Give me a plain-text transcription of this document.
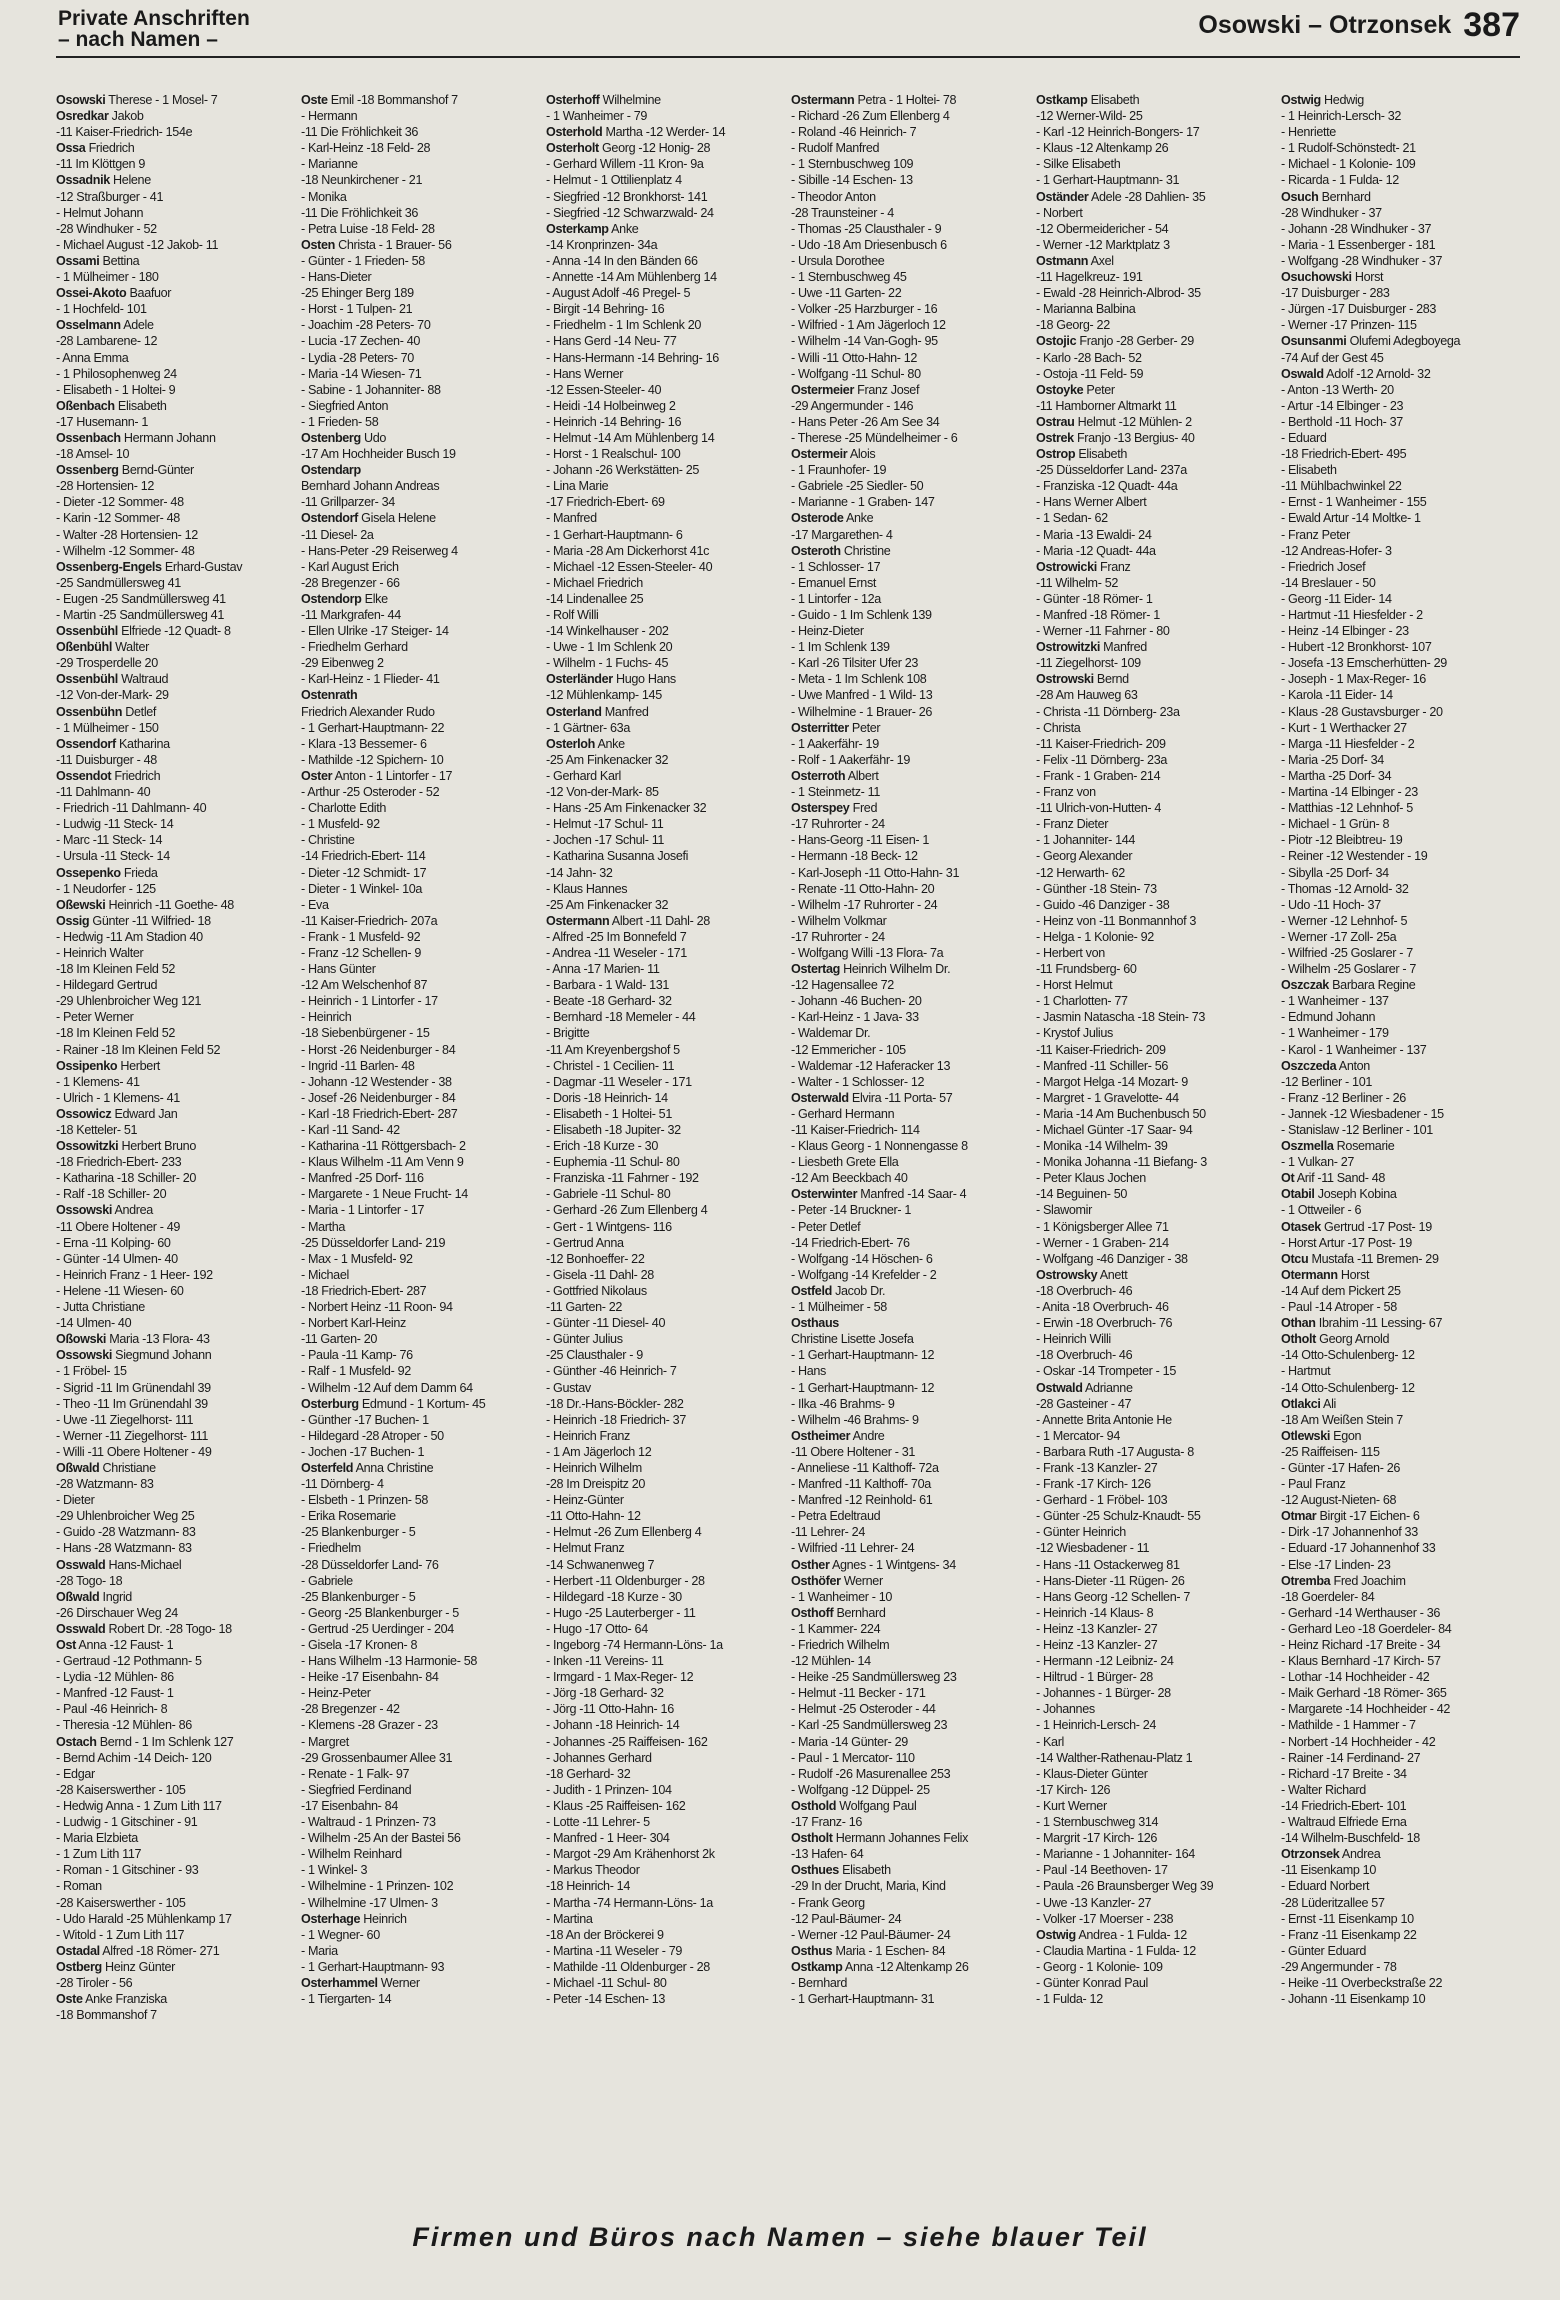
Private Anschriften
– nach Namen –
Osowski – Otrzonsek 387
Osowski Therese - 1 Mosel- 7
Osredkar Jakob
-11 Kaiser-Friedrich- 154e
Ossa Friedrich
-11 Im Klöttgen 9
Ossadnik Helene
-12 Straßburger - 41
- Helmut Johann
-28 Windhuker - 52
- Michael August -12 Jakob- 11
Ossami Bettina
- 1 Mülheimer - 180
Ossei-Akoto Baafuor
- 1 Hochfeld- 101
Osselmann Adele
-28 Lambarene- 12
- Anna Emma
- 1 Philosophenweg 24
- Elisabeth - 1 Holtei- 9
Oßenbach Elisabeth
-17 Husemann- 1
Ossenbach Hermann Johann
-18 Amsel- 10
Ossenberg Bernd-Günter
-28 Hortensien- 12
- Dieter -12 Sommer- 48
- Karin -12 Sommer- 48
- Walter -28 Hortensien- 12
- Wilhelm -12 Sommer- 48
Ossenberg-Engels Erhard-Gustav
-25 Sandmüllersweg 41
- Eugen -25 Sandmüllersweg 41
- Martin -25 Sandmüllersweg 41
Ossenbühl Elfriede -12 Quadt- 8
Oßenbühl Walter
-29 Trosperdelle 20
Ossenbühl Waltraud
-12 Von-der-Mark- 29
Ossenbühn Detlef
- 1 Mülheimer - 150
Ossendorf Katharina
-11 Duisburger - 48
Ossendot Friedrich
-11 Dahlmann- 40
- Friedrich -11 Dahlmann- 40
- Ludwig -11 Steck- 14
- Marc -11 Steck- 14
- Ursula -11 Steck- 14
Ossepenko Frieda
- 1 Neudorfer - 125
Oßewski Heinrich -11 Goethe- 48
Ossig Günter -11 Wilfried- 18
- Hedwig -11 Am Stadion 40
- Heinrich Walter
-18 Im Kleinen Feld 52
- Hildegard Gertrud
-29 Uhlenbroicher Weg 121
- Peter Werner
-18 Im Kleinen Feld 52
- Rainer -18 Im Kleinen Feld 52
Ossipenko Herbert
- 1 Klemens- 41
- Ulrich - 1 Klemens- 41
Ossowicz Edward Jan
-18 Ketteler- 51
Ossowitzki Herbert Bruno
-18 Friedrich-Ebert- 233
- Katharina -18 Schiller- 20
- Ralf -18 Schiller- 20
Ossowski Andrea
-11 Obere Holtener - 49
- Erna -11 Kolping- 60
- Günter -14 Ulmen- 40
- Heinrich Franz - 1 Heer- 192
- Helene -11 Wiesen- 60
- Jutta Christiane
-14 Ulmen- 40
Oßowski Maria -13 Flora- 43
Ossowski Siegmund Johann
- 1 Fröbel- 15
- Sigrid -11 Im Grünendahl 39
- Theo -11 Im Grünendahl 39
- Uwe -11 Ziegelhorst- 111
- Werner -11 Ziegelhorst- 111
- Willi -11 Obere Holtener - 49
Oßwald Christiane
-28 Watzmann- 83
- Dieter
-29 Uhlenbroicher Weg 25
- Guido -28 Watzmann- 83
- Hans -28 Watzmann- 83
Osswald Hans-Michael
-28 Togo- 18
Oßwald Ingrid
-26 Dirschauer Weg 24
Osswald Robert Dr. -28 Togo- 18
Ost Anna -12 Faust- 1
- Gertraud -12 Pothmann- 5
- Lydia -12 Mühlen- 86
- Manfred -12 Faust- 1
- Paul -46 Heinrich- 8
- Theresia -12 Mühlen- 86
Ostach Bernd - 1 Im Schlenk 127
- Bernd Achim -14 Deich- 120
- Edgar
-28 Kaiserswerther - 105
- Hedwig Anna - 1 Zum Lith 117
- Ludwig - 1 Gitschiner - 91
- Maria Elzbieta
- 1 Zum Lith 117
- Roman - 1 Gitschiner - 93
- Roman
-28 Kaiserswerther - 105
- Udo Harald -25 Mühlenkamp 17
- Witold - 1 Zum Lith 117
Ostadal Alfred -18 Römer- 271
Ostberg Heinz Günter
-28 Tiroler - 56
Oste Anke Franziska
-18 Bommanshof 7
Oste Emil -18 Bommanshof 7
- Hermann
-11 Die Fröhlichkeit 36
- Karl-Heinz -18 Feld- 28
- Marianne
-18 Neunkirchener - 21
- Monika
-11 Die Fröhlichkeit 36
- Petra Luise -18 Feld- 28
Osten Christa - 1 Brauer- 56
- Günter - 1 Frieden- 58
- Hans-Dieter
-25 Ehinger Berg 189
- Horst - 1 Tulpen- 21
- Joachim -28 Peters- 70
- Lucia -17 Zechen- 40
- Lydia -28 Peters- 70
- Maria -14 Wiesen- 71
- Sabine - 1 Johanniter- 88
- Siegfried Anton
- 1 Frieden- 58
Ostenberg Udo
-17 Am Hochheider Busch 19
Ostendarp
Bernhard Johann Andreas
-11 Grillparzer- 34
Ostendorf Gisela Helene
-11 Diesel- 2a
- Hans-Peter -29 Reiserweg 4
- Karl August Erich
-28 Bregenzer - 66
Ostendorp Elke
-11 Markgrafen- 44
- Ellen Ulrike -17 Steiger- 14
- Friedhelm Gerhard
-29 Eibenweg 2
- Karl-Heinz - 1 Flieder- 41
Ostenrath
Friedrich Alexander Rudo
- 1 Gerhart-Hauptmann- 22
- Klara -13 Bessemer- 6
- Mathilde -12 Spichern- 10
Oster Anton - 1 Lintorfer - 17
- Arthur -25 Osteroder - 52
- Charlotte Edith
- 1 Musfeld- 92
- Christine
-14 Friedrich-Ebert- 114
- Dieter -12 Schmidt- 17
- Dieter - 1 Winkel- 10a
- Eva
-11 Kaiser-Friedrich- 207a
- Frank - 1 Musfeld- 92
- Franz -12 Schellen- 9
- Hans Günter
-12 Am Welschenhof 87
- Heinrich - 1 Lintorfer - 17
- Heinrich
-18 Siebenbürgener - 15
- Horst -26 Neidenburger - 84
- Ingrid -11 Barlen- 48
- Johann -12 Westender - 38
- Josef -26 Neidenburger - 84
- Karl -18 Friedrich-Ebert- 287
- Karl -11 Sand- 42
- Katharina -11 Röttgersbach- 2
- Klaus Wilhelm -11 Am Venn 9
- Manfred -25 Dorf- 116
- Margarete - 1 Neue Frucht- 14
- Maria - 1 Lintorfer - 17
- Martha
-25 Düsseldorfer Land- 219
- Max - 1 Musfeld- 92
- Michael
-18 Friedrich-Ebert- 287
- Norbert Heinz -11 Roon- 94
- Norbert Karl-Heinz
-11 Garten- 20
- Paula -11 Kamp- 76
- Ralf - 1 Musfeld- 92
- Wilhelm -12 Auf dem Damm 64
Osterburg Edmund - 1 Kortum- 45
- Günther -17 Buchen- 1
- Hildegard -28 Atroper - 50
- Jochen -17 Buchen- 1
Osterfeld Anna Christine
-11 Dörnberg- 4
- Elsbeth - 1 Prinzen- 58
- Erika Rosemarie
-25 Blankenburger - 5
- Friedhelm
-28 Düsseldorfer Land- 76
- Gabriele
-25 Blankenburger - 5
- Georg -25 Blankenburger - 5
- Gertrud -25 Uerdinger - 204
- Gisela -17 Kronen- 8
- Hans Wilhelm -13 Harmonie- 58
- Heike -17 Eisenbahn- 84
- Heinz-Peter
-28 Bregenzer - 42
- Klemens -28 Grazer - 23
- Margret
-29 Grossenbaumer Allee 31
- Renate - 1 Falk- 97
- Siegfried Ferdinand
-17 Eisenbahn- 84
- Waltraud - 1 Prinzen- 73
- Wilhelm -25 An der Bastei 56
- Wilhelm Reinhard
- 1 Winkel- 3
- Wilhelmine - 1 Prinzen- 102
- Wilhelmine -17 Ulmen- 3
Osterhage Heinrich
- 1 Wegner- 60
- Maria
- 1 Gerhart-Hauptmann- 93
Osterhammel Werner
- 1 Tiergarten- 14
Osterhoff Wilhelmine
- 1 Wanheimer - 79
Osterhold Martha -12 Werder- 14
Osterholt Georg -12 Honig- 28
- Gerhard Willem -11 Kron- 9a
- Helmut - 1 Ottilienplatz 4
- Siegfried -12 Bronkhorst- 141
- Siegfried -12 Schwarzwald- 24
Osterkamp Anke
-14 Kronprinzen- 34a
- Anna -14 In den Bänden 66
- Annette -14 Am Mühlenberg 14
- August Adolf -46 Pregel- 5
- Birgit -14 Behring- 16
- Friedhelm - 1 Im Schlenk 20
- Hans Gerd -14 Neu- 77
- Hans-Hermann -14 Behring- 16
- Hans Werner
-12 Essen-Steeler- 40
- Heidi -14 Holbeinweg 2
- Heinrich -14 Behring- 16
- Helmut -14 Am Mühlenberg 14
- Horst - 1 Realschul- 100
- Johann -26 Werkstätten- 25
- Lina Marie
-17 Friedrich-Ebert- 69
- Manfred
- 1 Gerhart-Hauptmann- 6
- Maria -28 Am Dickerhorst 41c
- Michael -12 Essen-Steeler- 40
- Michael Friedrich
-14 Lindenallee 25
- Rolf Willi
-14 Winkelhauser - 202
- Uwe - 1 Im Schlenk 20
- Wilhelm - 1 Fuchs- 45
Osterländer Hugo Hans
-12 Mühlenkamp- 145
Osterland Manfred
- 1 Gärtner- 63a
Osterloh Anke
-25 Am Finkenacker 32
- Gerhard Karl
-12 Von-der-Mark- 85
- Hans -25 Am Finkenacker 32
- Helmut -17 Schul- 11
- Jochen -17 Schul- 11
- Katharina Susanna Josefi
-14 Jahn- 32
- Klaus Hannes
-25 Am Finkenacker 32
Ostermann Albert -11 Dahl- 28
- Alfred -25 Im Bonnefeld 7
- Andrea -11 Weseler - 171
- Anna -17 Marien- 11
- Barbara - 1 Wald- 131
- Beate -18 Gerhard- 32
- Bernhard -18 Memeler - 44
- Brigitte
-11 Am Kreyenbergshof 5
- Christel - 1 Cecilien- 11
- Dagmar -11 Weseler - 171
- Doris -18 Heinrich- 14
- Elisabeth - 1 Holtei- 51
- Elisabeth -18 Jupiter- 32
- Erich -18 Kurze - 30
- Euphemia -11 Schul- 80
- Franziska -11 Fahrner - 192
- Gabriele -11 Schul- 80
- Gerhard -26 Zum Ellenberg 4
- Gert - 1 Wintgens- 116
- Gertrud Anna
-12 Bonhoeffer- 22
- Gisela -11 Dahl- 28
- Gottfried Nikolaus
-11 Garten- 22
- Günter -11 Diesel- 40
- Günter Julius
-25 Clausthaler - 9
- Günther -46 Heinrich- 7
- Gustav
-18 Dr.-Hans-Böckler- 282
- Heinrich -18 Friedrich- 37
- Heinrich Franz
- 1 Am Jägerloch 12
- Heinrich Wilhelm
-28 Im Dreispitz 20
- Heinz-Günter
-11 Otto-Hahn- 12
- Helmut -26 Zum Ellenberg 4
- Helmut Franz
-14 Schwanenweg 7
- Herbert -11 Oldenburger - 28
- Hildegard -18 Kurze - 30
- Hugo -25 Lauterberger - 11
- Hugo -17 Otto- 64
- Ingeborg -74 Hermann-Löns- 1a
- Inken -11 Vereins- 11
- Irmgard - 1 Max-Reger- 12
- Jörg -18 Gerhard- 32
- Jörg -11 Otto-Hahn- 16
- Johann -18 Heinrich- 14
- Johannes -25 Raiffeisen- 162
- Johannes Gerhard
-18 Gerhard- 32
- Judith - 1 Prinzen- 104
- Klaus -25 Raiffeisen- 162
- Lotte -11 Lehrer- 5
- Manfred - 1 Heer- 304
- Margot -29 Am Krähenhorst 2k
- Markus Theodor
-18 Heinrich- 14
- Martha -74 Hermann-Löns- 1a
- Martina
-18 An der Bröckerei 9
- Martina -11 Weseler - 79
- Mathilde -11 Oldenburger - 28
- Michael -11 Schul- 80
- Peter -14 Eschen- 13
Ostermann Petra - 1 Holtei- 78
- Richard -26 Zum Ellenberg 4
- Roland -46 Heinrich- 7
- Rudolf Manfred
- 1 Sternbuschweg 109
- Sibille -14 Eschen- 13
- Theodor Anton
-28 Traunsteiner - 4
- Thomas -25 Clausthaler - 9
- Udo -18 Am Driesenbusch 6
- Ursula Dorothee
- 1 Sternbuschweg 45
- Uwe -11 Garten- 22
- Volker -25 Harzburger - 16
- Wilfried - 1 Am Jägerloch 12
- Wilhelm -14 Van-Gogh- 95
- Willi -11 Otto-Hahn- 12
- Wolfgang -11 Schul- 80
Ostermeier Franz Josef
-29 Angermunder - 146
- Hans Peter -26 Am See 34
- Therese -25 Mündelheimer - 6
Ostermeir Alois
- 1 Fraunhofer- 19
- Gabriele -25 Siedler- 50
- Marianne - 1 Graben- 147
Osterode Anke
-17 Margarethen- 4
Osteroth Christine
- 1 Schlosser- 17
- Emanuel Ernst
- 1 Lintorfer - 12a
- Guido - 1 Im Schlenk 139
- Heinz-Dieter
- 1 Im Schlenk 139
- Karl -26 Tilsiter Ufer 23
- Meta - 1 Im Schlenk 108
- Uwe Manfred - 1 Wild- 13
- Wilhelmine - 1 Brauer- 26
Osterritter Peter
- 1 Aakerfähr- 19
- Rolf - 1 Aakerfähr- 19
Osterroth Albert
- 1 Steinmetz- 11
Osterspey Fred
-17 Ruhrorter - 24
- Hans-Georg -11 Eisen- 1
- Hermann -18 Beck- 12
- Karl-Joseph -11 Otto-Hahn- 31
- Renate -11 Otto-Hahn- 20
- Wilhelm -17 Ruhrorter - 24
- Wilhelm Volkmar
-17 Ruhrorter - 24
- Wolfgang Willi -13 Flora- 7a
Ostertag Heinrich Wilhelm Dr.
-12 Hagensallee 72
- Johann -46 Buchen- 20
- Karl-Heinz - 1 Java- 33
- Waldemar Dr.
-12 Emmericher - 105
- Waldemar -12 Haferacker 13
- Walter - 1 Schlosser- 12
Osterwald Elvira -11 Porta- 57
- Gerhard Hermann
-11 Kaiser-Friedrich- 114
- Klaus Georg - 1 Nonnengasse 8
- Liesbeth Grete Ella
-12 Am Beeckbach 40
Osterwinter Manfred -14 Saar- 4
- Peter -14 Bruckner- 1
- Peter Detlef
-14 Friedrich-Ebert- 76
- Wolfgang -14 Höschen- 6
- Wolfgang -14 Krefelder - 2
Ostfeld Jacob Dr.
- 1 Mülheimer - 58
Osthaus
Christine Lisette Josefa
- 1 Gerhart-Hauptmann- 12
- Hans
- 1 Gerhart-Hauptmann- 12
- Ilka -46 Brahms- 9
- Wilhelm -46 Brahms- 9
Ostheimer Andre
-11 Obere Holtener - 31
- Anneliese -11 Kalthoff- 72a
- Manfred -11 Kalthoff- 70a
- Manfred -12 Reinhold- 61
- Petra Edeltraud
-11 Lehrer- 24
- Wilfried -11 Lehrer- 24
Osther Agnes - 1 Wintgens- 34
Osthöfer Werner
- 1 Wanheimer - 10
Osthoff Bernhard
- 1 Kammer- 224
- Friedrich Wilhelm
-12 Mühlen- 14
- Heike -25 Sandmüllersweg 23
- Helmut -11 Becker - 171
- Helmut -25 Osteroder - 44
- Karl -25 Sandmüllersweg 23
- Maria -14 Günter- 29
- Paul - 1 Mercator- 110
- Rudolf -26 Masurenallee 253
- Wolfgang -12 Düppel- 25
Osthold Wolfgang Paul
-17 Franz- 16
Ostholt Hermann Johannes Felix
-13 Hafen- 64
Osthues Elisabeth
-29 In der Drucht, Maria, Kind
- Frank Georg
-12 Paul-Bäumer- 24
- Werner -12 Paul-Bäumer- 24
Osthus Maria - 1 Eschen- 84
Ostkamp Anna -12 Altenkamp 26
- Bernhard
- 1 Gerhart-Hauptmann- 31
Ostkamp Elisabeth
-12 Werner-Wild- 25
- Karl -12 Heinrich-Bongers- 17
- Klaus -12 Altenkamp 26
- Silke Elisabeth
- 1 Gerhart-Hauptmann- 31
Oständer Adele -28 Dahlien- 35
- Norbert
-12 Obermeidericher - 54
- Werner -12 Marktplatz 3
Ostmann Axel
-11 Hagelkreuz- 191
- Ewald -28 Heinrich-Albrod- 35
- Marianna Balbina
-18 Georg- 22
Ostojic Franjo -28 Gerber- 29
- Karlo -28 Bach- 52
- Ostoja -11 Feld- 59
Ostoyke Peter
-11 Hamborner Altmarkt 11
Ostrau Helmut -12 Mühlen- 2
Ostrek Franjo -13 Bergius- 40
Ostrop Elisabeth
-25 Düsseldorfer Land- 237a
- Franziska -12 Quadt- 44a
- Hans Werner Albert
- 1 Sedan- 62
- Maria -13 Ewaldi- 24
- Maria -12 Quadt- 44a
Ostrowicki Franz
-11 Wilhelm- 52
- Günter -18 Römer- 1
- Manfred -18 Römer- 1
- Werner -11 Fahrner - 80
Ostrowitzki Manfred
-11 Ziegelhorst- 109
Ostrowski Bernd
-28 Am Hauweg 63
- Christa -11 Dörnberg- 23a
- Christa
-11 Kaiser-Friedrich- 209
- Felix -11 Dörnberg- 23a
- Frank - 1 Graben- 214
- Franz von
-11 Ulrich-von-Hutten- 4
- Franz Dieter
- 1 Johanniter- 144
- Georg Alexander
-12 Herwarth- 62
- Günther -18 Stein- 73
- Guido -46 Danziger - 38
- Heinz von -11 Bonmannhof 3
- Helga - 1 Kolonie- 92
- Herbert von
-11 Frundsberg- 60
- Horst Helmut
- 1 Charlotten- 77
- Jasmin Natascha -18 Stein- 73
- Krystof Julius
-11 Kaiser-Friedrich- 209
- Manfred -11 Schiller- 56
- Margot Helga -14 Mozart- 9
- Margret - 1 Gravelotte- 44
- Maria -14 Am Buchenbusch 50
- Michael Günter -17 Saar- 94
- Monika -14 Wilhelm- 39
- Monika Johanna -11 Biefang- 3
- Peter Klaus Jochen
-14 Beguinen- 50
- Slawomir
- 1 Königsberger Allee 71
- Werner - 1 Graben- 214
- Wolfgang -46 Danziger - 38
Ostrowsky Anett
-18 Overbruch- 46
- Anita -18 Overbruch- 46
- Erwin -18 Overbruch- 76
- Heinrich Willi
-18 Overbruch- 46
- Oskar -14 Trompeter - 15
Ostwald Adrianne
-28 Gasteiner - 47
- Annette Brita Antonie He
- 1 Mercator- 94
- Barbara Ruth -17 Augusta- 8
- Frank -13 Kanzler- 27
- Frank -17 Kirch- 126
- Gerhard - 1 Fröbel- 103
- Günter -25 Schulz-Knaudt- 55
- Günter Heinrich
-12 Wiesbadener - 11
- Hans -11 Ostackerweg 81
- Hans-Dieter -11 Rügen- 26
- Hans Georg -12 Schellen- 7
- Heinrich -14 Klaus- 8
- Heinz -13 Kanzler- 27
- Heinz -13 Kanzler- 27
- Hermann -12 Leibniz- 24
- Hiltrud - 1 Bürger- 28
- Johannes - 1 Bürger- 28
- Johannes
- 1 Heinrich-Lersch- 24
- Karl
-14 Walther-Rathenau-Platz 1
- Klaus-Dieter Günter
-17 Kirch- 126
- Kurt Werner
- 1 Sternbuschweg 314
- Margrit -17 Kirch- 126
- Marianne - 1 Johanniter- 164
- Paul -14 Beethoven- 17
- Paula -26 Braunsberger Weg 39
- Uwe -13 Kanzler- 27
- Volker -17 Moerser - 238
Ostwig Andrea - 1 Fulda- 12
- Claudia Martina - 1 Fulda- 12
- Georg - 1 Kolonie- 109
- Günter Konrad Paul
- 1 Fulda- 12
Ostwig Hedwig
- 1 Heinrich-Lersch- 32
- Henriette
- 1 Rudolf-Schönstedt- 21
- Michael - 1 Kolonie- 109
- Ricarda - 1 Fulda- 12
Osuch Bernhard
-28 Windhuker - 37
- Johann -28 Windhuker - 37
- Maria - 1 Essenberger - 181
- Wolfgang -28 Windhuker - 37
Osuchowski Horst
-17 Duisburger - 283
- Jürgen -17 Duisburger - 283
- Werner -17 Prinzen- 115
Osunsanmi Olufemi Adegboyega
-74 Auf der Gest 45
Oswald Adolf -12 Arnold- 32
- Anton -13 Werth- 20
- Artur -14 Elbinger - 23
- Berthold -11 Hoch- 37
- Eduard
-18 Friedrich-Ebert- 495
- Elisabeth
-11 Mühlbachwinkel 22
- Ernst - 1 Wanheimer - 155
- Ewald Artur -14 Moltke- 1
- Franz Peter
-12 Andreas-Hofer- 3
- Friedrich Josef
-14 Breslauer - 50
- Georg -11 Eider- 14
- Hartmut -11 Hiesfelder - 2
- Heinz -14 Elbinger - 23
- Hubert -12 Bronkhorst- 107
- Josefa -13 Emscherhütten- 29
- Joseph - 1 Max-Reger- 16
- Karola -11 Eider- 14
- Klaus -28 Gustavsburger - 20
- Kurt - 1 Werthacker 27
- Marga -11 Hiesfelder - 2
- Maria -25 Dorf- 34
- Martha -25 Dorf- 34
- Martina -14 Elbinger - 23
- Matthias -12 Lehnhof- 5
- Michael - 1 Grün- 8
- Piotr -12 Bleibtreu- 19
- Reiner -12 Westender - 19
- Sibylla -25 Dorf- 34
- Thomas -12 Arnold- 32
- Udo -11 Hoch- 37
- Werner -12 Lehnhof- 5
- Werner -17 Zoll- 25a
- Wilfried -25 Goslarer - 7
- Wilhelm -25 Goslarer - 7
Oszczak Barbara Regine
- 1 Wanheimer - 137
- Edmund Johann
- 1 Wanheimer - 179
- Karol - 1 Wanheimer - 137
Oszczeda Anton
-12 Berliner - 101
- Franz -12 Berliner - 26
- Jannek -12 Wiesbadener - 15
- Stanislaw -12 Berliner - 101
Oszmella Rosemarie
- 1 Vulkan- 27
Ot Arif -11 Sand- 48
Otabil Joseph Kobina
- 1 Ottweiler - 6
Otasek Gertrud -17 Post- 19
- Horst Artur -17 Post- 19
Otcu Mustafa -11 Bremen- 29
Otermann Horst
-14 Auf dem Pickert 25
- Paul -14 Atroper - 58
Othan Ibrahim -11 Lessing- 67
Otholt Georg Arnold
-14 Otto-Schulenberg- 12
- Hartmut
-14 Otto-Schulenberg- 12
Otlakci Ali
-18 Am Weißen Stein 7
Otlewski Egon
-25 Raiffeisen- 115
- Günter -17 Hafen- 26
- Paul Franz
-12 August-Nieten- 68
Otmar Birgit -17 Eichen- 6
- Dirk -17 Johannenhof 33
- Eduard -17 Johannenhof 33
- Else -17 Linden- 23
Otremba Fred Joachim
-18 Goerdeler- 84
- Gerhard -14 Werthauser - 36
- Gerhard Leo -18 Goerdeler- 84
- Heinz Richard -17 Breite - 34
- Klaus Bernhard -17 Kirch- 57
- Lothar -14 Hochheider - 42
- Maik Gerhard -18 Römer- 365
- Margarete -14 Hochheider - 42
- Mathilde - 1 Hammer - 7
- Norbert -14 Hochheider - 42
- Rainer -14 Ferdinand- 27
- Richard -17 Breite - 34
- Walter Richard
-14 Friedrich-Ebert- 101
- Waltraud Elfriede Erna
-14 Wilhelm-Buschfeld- 18
Otrzonsek Andrea
-11 Eisenkamp 10
- Eduard Norbert
-28 Lüderitzallee 57
- Ernst -11 Eisenkamp 10
- Franz -11 Eisenkamp 22
- Günter Eduard
-29 Angermunder - 78
- Heike -11 Overbeckstraße 22
- Johann -11 Eisenkamp 10
Firmen und Büros nach Namen – siehe blauer Teil
